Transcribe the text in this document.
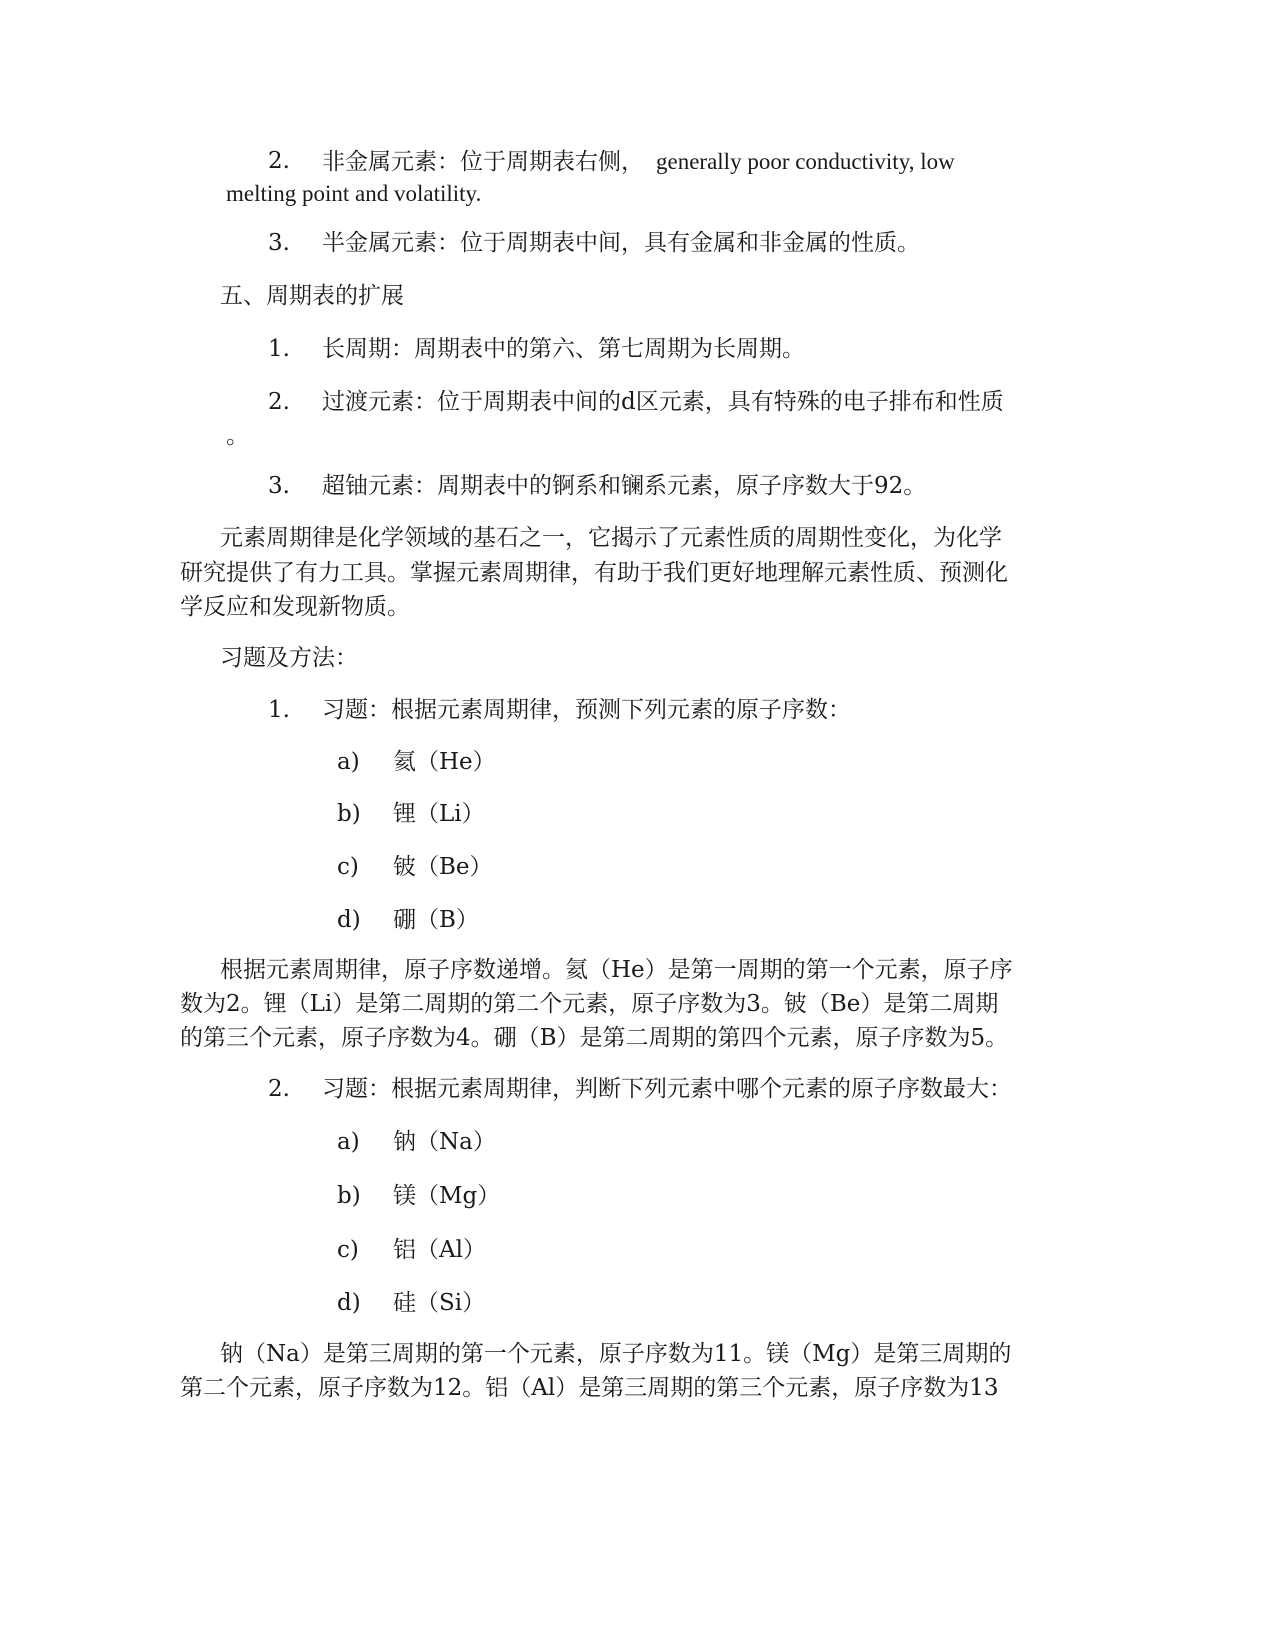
2. 非金属元素：位于周期表右侧， generally poor conductivity, low
melting point and volatility.
3. 半金属元素：位于周期表中间，具有金属和非金属的性质。
五、周期表的扩展
1. 长周期：周期表中的第六、第七周期为长周期。
2. 过渡元素：位于周期表中间的d区元素，具有特殊的电子排布和性质
。
3. 超铀元素：周期表中的锕系和镧系元素，原子序数大于92。
元素周期律是化学领域的基石之一，它揭示了元素性质的周期性变化，为化学
研究提供了有力工具。掌握元素周期律，有助于我们更好地理解元素性质、预测化
学反应和发现新物质。
习题及方法：
1. 习题：根据元素周期律，预测下列元素的原子序数：
a) 氦（He）
b) 锂（Li）
c) 铍（Be）
d) 硼（B）
根据元素周期律，原子序数递增。氦（He）是第一周期的第一个元素，原子序
数为2。锂（Li）是第二周期的第二个元素，原子序数为3。铍（Be）是第二周期
的第三个元素，原子序数为4。硼（B）是第二周期的第四个元素，原子序数为5。
2. 习题：根据元素周期律，判断下列元素中哪个元素的原子序数最大：
a) 钠（Na）
b) 镁（Mg）
c) 铝（Al）
d) 硅（Si）
钠（Na）是第三周期的第一个元素，原子序数为11。镁（Mg）是第三周期的
第二个元素，原子序数为12。铝（Al）是第三周期的第三个元素，原子序数为13
